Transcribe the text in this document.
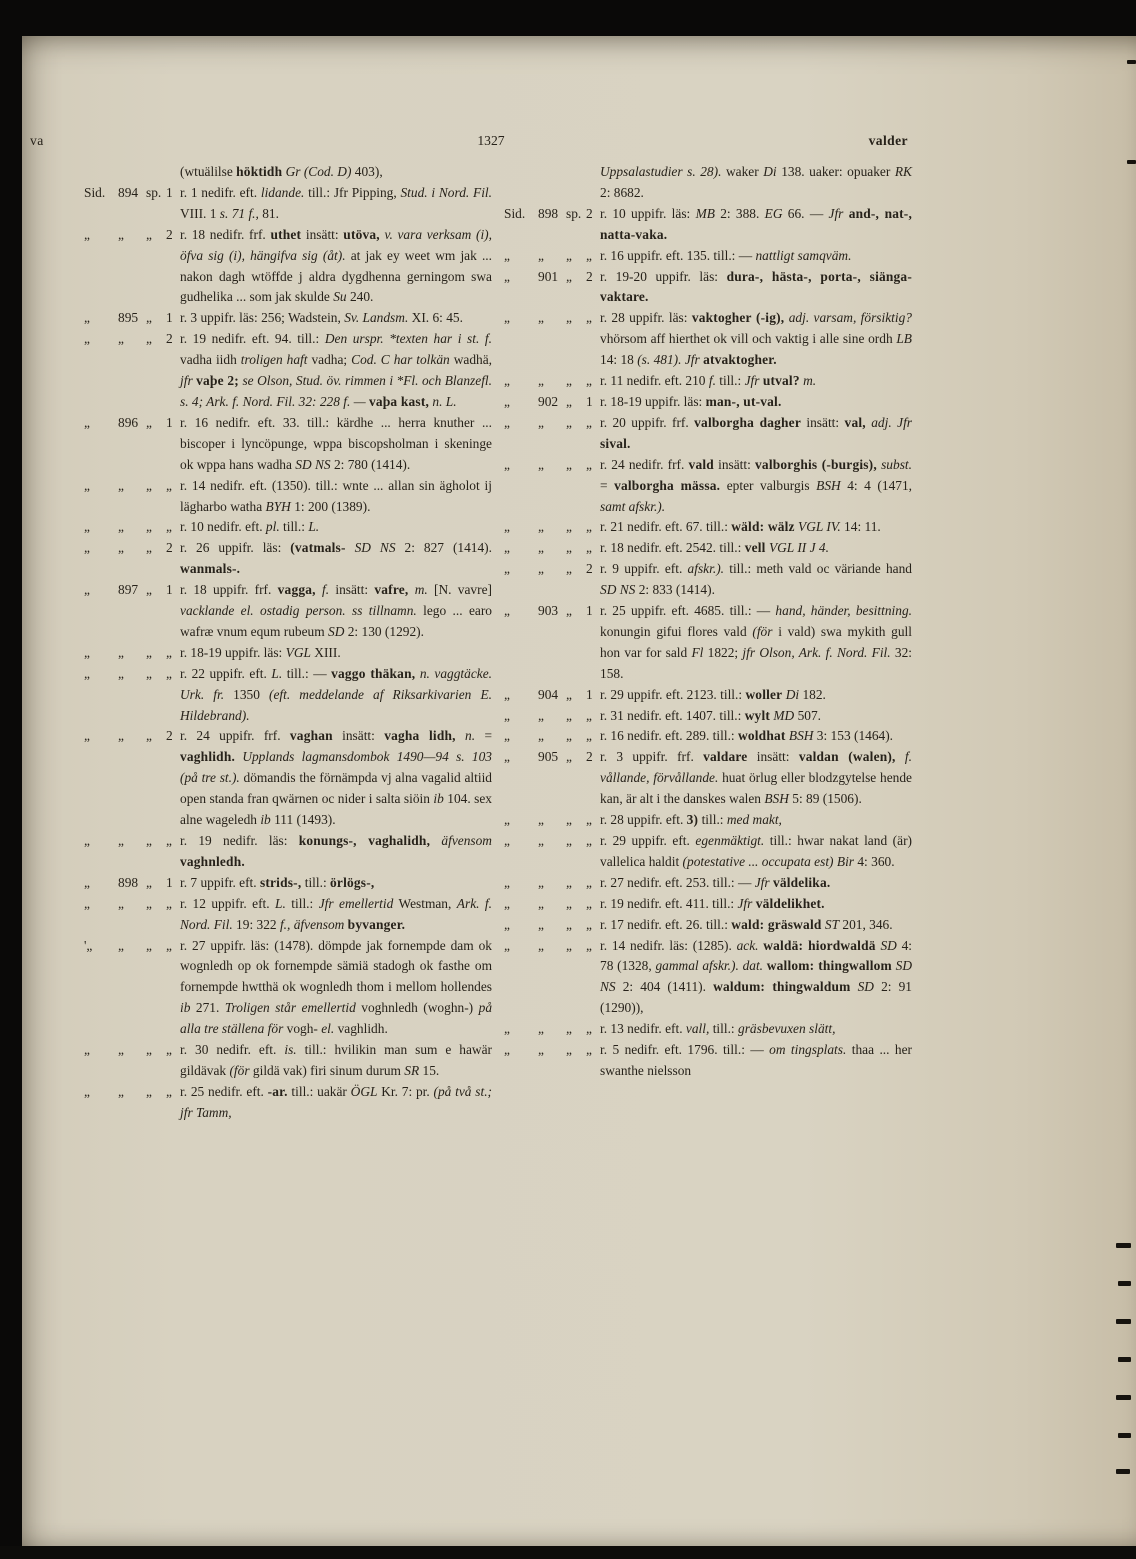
va	1327	valder

(wtuälilse höktidh Gr (Cod. D) 403),

Sid. 894 sp. 1 r. 1 nedifr. eft. lidande. till.: Jfr Pipping, Stud. i Nord. Fil. VIII. 1 s. 71 f., 81.

„ „ „ 2 r. 18 nedifr. frf. uthet insätt: utöva, v. vara verksam (i), öfva sig (i), hängifva sig (åt). at jak ey weet wm jak ... nakon dagh wtöffde j aldra dygdhenna gerningom swa gudhelika ... som jak skulde Su 240.

„ 895 „ 1 r. 3 uppifr. läs: 256; Wadstein, Sv. Landsm. XI. 6: 45.

„ „ „ 2 r. 19 nedifr. eft. 94. till.: Den urspr. *texten har i st. f. vadha iidh troligen haft vadha; Cod. C har tolkän wadhä, jfr vaþe 2; se Olson, Stud. öv. rimmen i *Fl. och Blanzefl. s. 4; Ark. f. Nord. Fil. 32: 228 f. — vaþa kast, n. L.

„ 896 „ 1 r. 16 nedifr. eft. 33. till.: kärdhe ... herra knuther ... biscoper i lyncöpunge, wppa biscopsholman i skeninge ok wppa hans wadha SD NS 2: 780 (1414).

„ „ „ „ r. 14 nedifr. eft. (1350). till.: wnte ... allan sin ägholot ij lägharbo watha BYH 1: 200 (1389).

„ „ „ „ r. 10 nedifr. eft. pl. till.: L.

„ „ „ 2 r. 26 uppifr. läs: (vatmals- SD NS 2: 827 (1414). wanmals-.

„ 897 „ 1 r. 18 uppifr. frf. vagga, f. insätt: vafre, m. [N. vavre] vacklande el. ostadig person. ss tillnamn. lego ... earo wafræ vnum equm rubeum SD 2: 130 (1292).

„ „ „ „ r. 18-19 uppifr. läs: VGL XIII.

„ „ „ „ r. 22 uppifr. eft. L. till.: — vaggo thäkan, n. vaggtäcke. Urk. fr. 1350 (eft. meddelande af Riksarkivarien E. Hildebrand).

„ „ „ 2 r. 24 uppifr. frf. vaghan insätt: vagha lidh, n. = vaghlidh. Upplands lagmansdombok 1490—94 s. 103 (på tre st.). dömandis the förnämpda vj alna vagalid altiid open standa fran qwärnen oc nider i salta siöin ib 104. sex alne wageledh ib 111 (1493).

„ „ „ „ r. 19 nedifr. läs: konungs-, vaghalidh, äfvensom vaghnledh.

„ 898 „ 1 r. 7 uppifr. eft. strids-, till.: örlögs-,

„ „ „ „ r. 12 uppifr. eft. L. till.: Jfr emellertid Westman, Ark. f. Nord. Fil. 19: 322 f., äfvensom byvanger.

'„ „ „ „ r. 27 uppifr. läs: (1478). dömpde jak fornempde dam ok wognledh op ok fornempde sämiä stadogh ok fasthe om fornempde hwtthä ok wognledh thom i mellom hollendes ib 271. Troligen står emellertid voghnledh (woghn-) på alla tre ställena för vogh- el. vaghlidh.

„ „ „ „ r. 30 nedifr. eft. is. till.: hvilikin man sum e hawär gildävak (för gildä vak) firi sinum durum SR 15.

„ „ „ „ r. 25 nedifr. eft. -ar. till.: uakär ÖGL Kr. 7: pr. (på två st.; jfr Tamm,

Uppsalastudier s. 28). waker Di 138. uaker: opuaker RK 2: 8682.

Sid. 898 sp. 2 r. 10 uppifr. läs: MB 2: 388. EG 66. — Jfr and-, nat-, natta-vaka.

„ „ „ „ r. 16 uppifr. eft. 135. till.: — nattligt samqväm.

„ 901 „ 2 r. 19-20 uppifr. läs: dura-, hästa-, porta-, siänga-vaktare.

„ „ „ „ r. 28 uppifr. läs: vaktogher (-ig), adj. varsam, försiktig? vhörsom aff hierthet ok vill och vaktig i alle sine ordh LB 14: 18 (s. 481). Jfr atvaktogher.

„ „ „ „ r. 11 nedifr. eft. 210 f. till.: Jfr utval? m.

„ 902 „ 1 r. 18-19 uppifr. läs: man-, ut-val.

„ „ „ „ r. 20 uppifr. frf. valborgha dagher insätt: val, adj. Jfr sival.

„ „ „ „ r. 24 nedifr. frf. vald insätt: valborghis (-burgis), subst. = valborgha mässa. epter valburgis BSH 4: 4 (1471, samt afskr.).

„ „ „ „ r. 21 nedifr. eft. 67. till.: wäld: wälz VGL IV. 14: 11.

„ „ „ „ r. 18 nedifr. eft. 2542. till.: vell VGL II J 4.

„ „ „ 2 r. 9 uppifr. eft. afskr.). till.: meth vald oc väriande hand SD NS 2: 833 (1414).

„ 903 „ 1 r. 25 uppifr. eft. 4685. till.: — hand, händer, besittning. konungin gifui flores vald (för i vald) swa mykith gull hon var for sald Fl 1822; jfr Olson, Ark. f. Nord. Fil. 32: 158.

„ 904 „ 1 r. 29 uppifr. eft. 2123. till.: woller Di 182.

„ „ „ „ r. 31 nedifr. eft. 1407. till.: wylt MD 507.

„ „ „ „ r. 16 nedifr. eft. 289. till.: woldhat BSH 3: 153 (1464).

„ 905 „ 2 r. 3 uppifr. frf. valdare insätt: valdan (walen), f. vållande, förvållande. huat örlug eller blodzgytelse hende kan, är alt i the danskes walen BSH 5: 89 (1506).

„ „ „ „ r. 28 uppifr. eft. 3) till.: med makt,

„ „ „ „ r. 29 uppifr. eft. egenmäktigt. till.: hwar nakat land (är) vallelica haldit (potestative ... occupata est) Bir 4: 360.

„ „ „ „ r. 27 nedifr. eft. 253. till.: — Jfr väldelika.

„ „ „ „ r. 19 nedifr. eft. 411. till.: Jfr väldelikhet.

„ „ „ „ r. 17 nedifr. eft. 26. till.: wald: gräswald ST 201, 346.

„ „ „ „ r. 14 nedifr. läs: (1285). ack. waldä: hiordwaldä SD 4: 78 (1328, gammal afskr.). dat. wallom: thingwallom SD NS 2: 404 (1411). waldum: thingwaldum SD 2: 91 (1290)),

„ „ „ „ r. 13 nedifr. eft. vall, till.: gräsbevuxen slätt,

„ „ „ „ r. 5 nedifr. eft. 1796. till.: — om tingsplats. thaa ... her swanthe nielsson
